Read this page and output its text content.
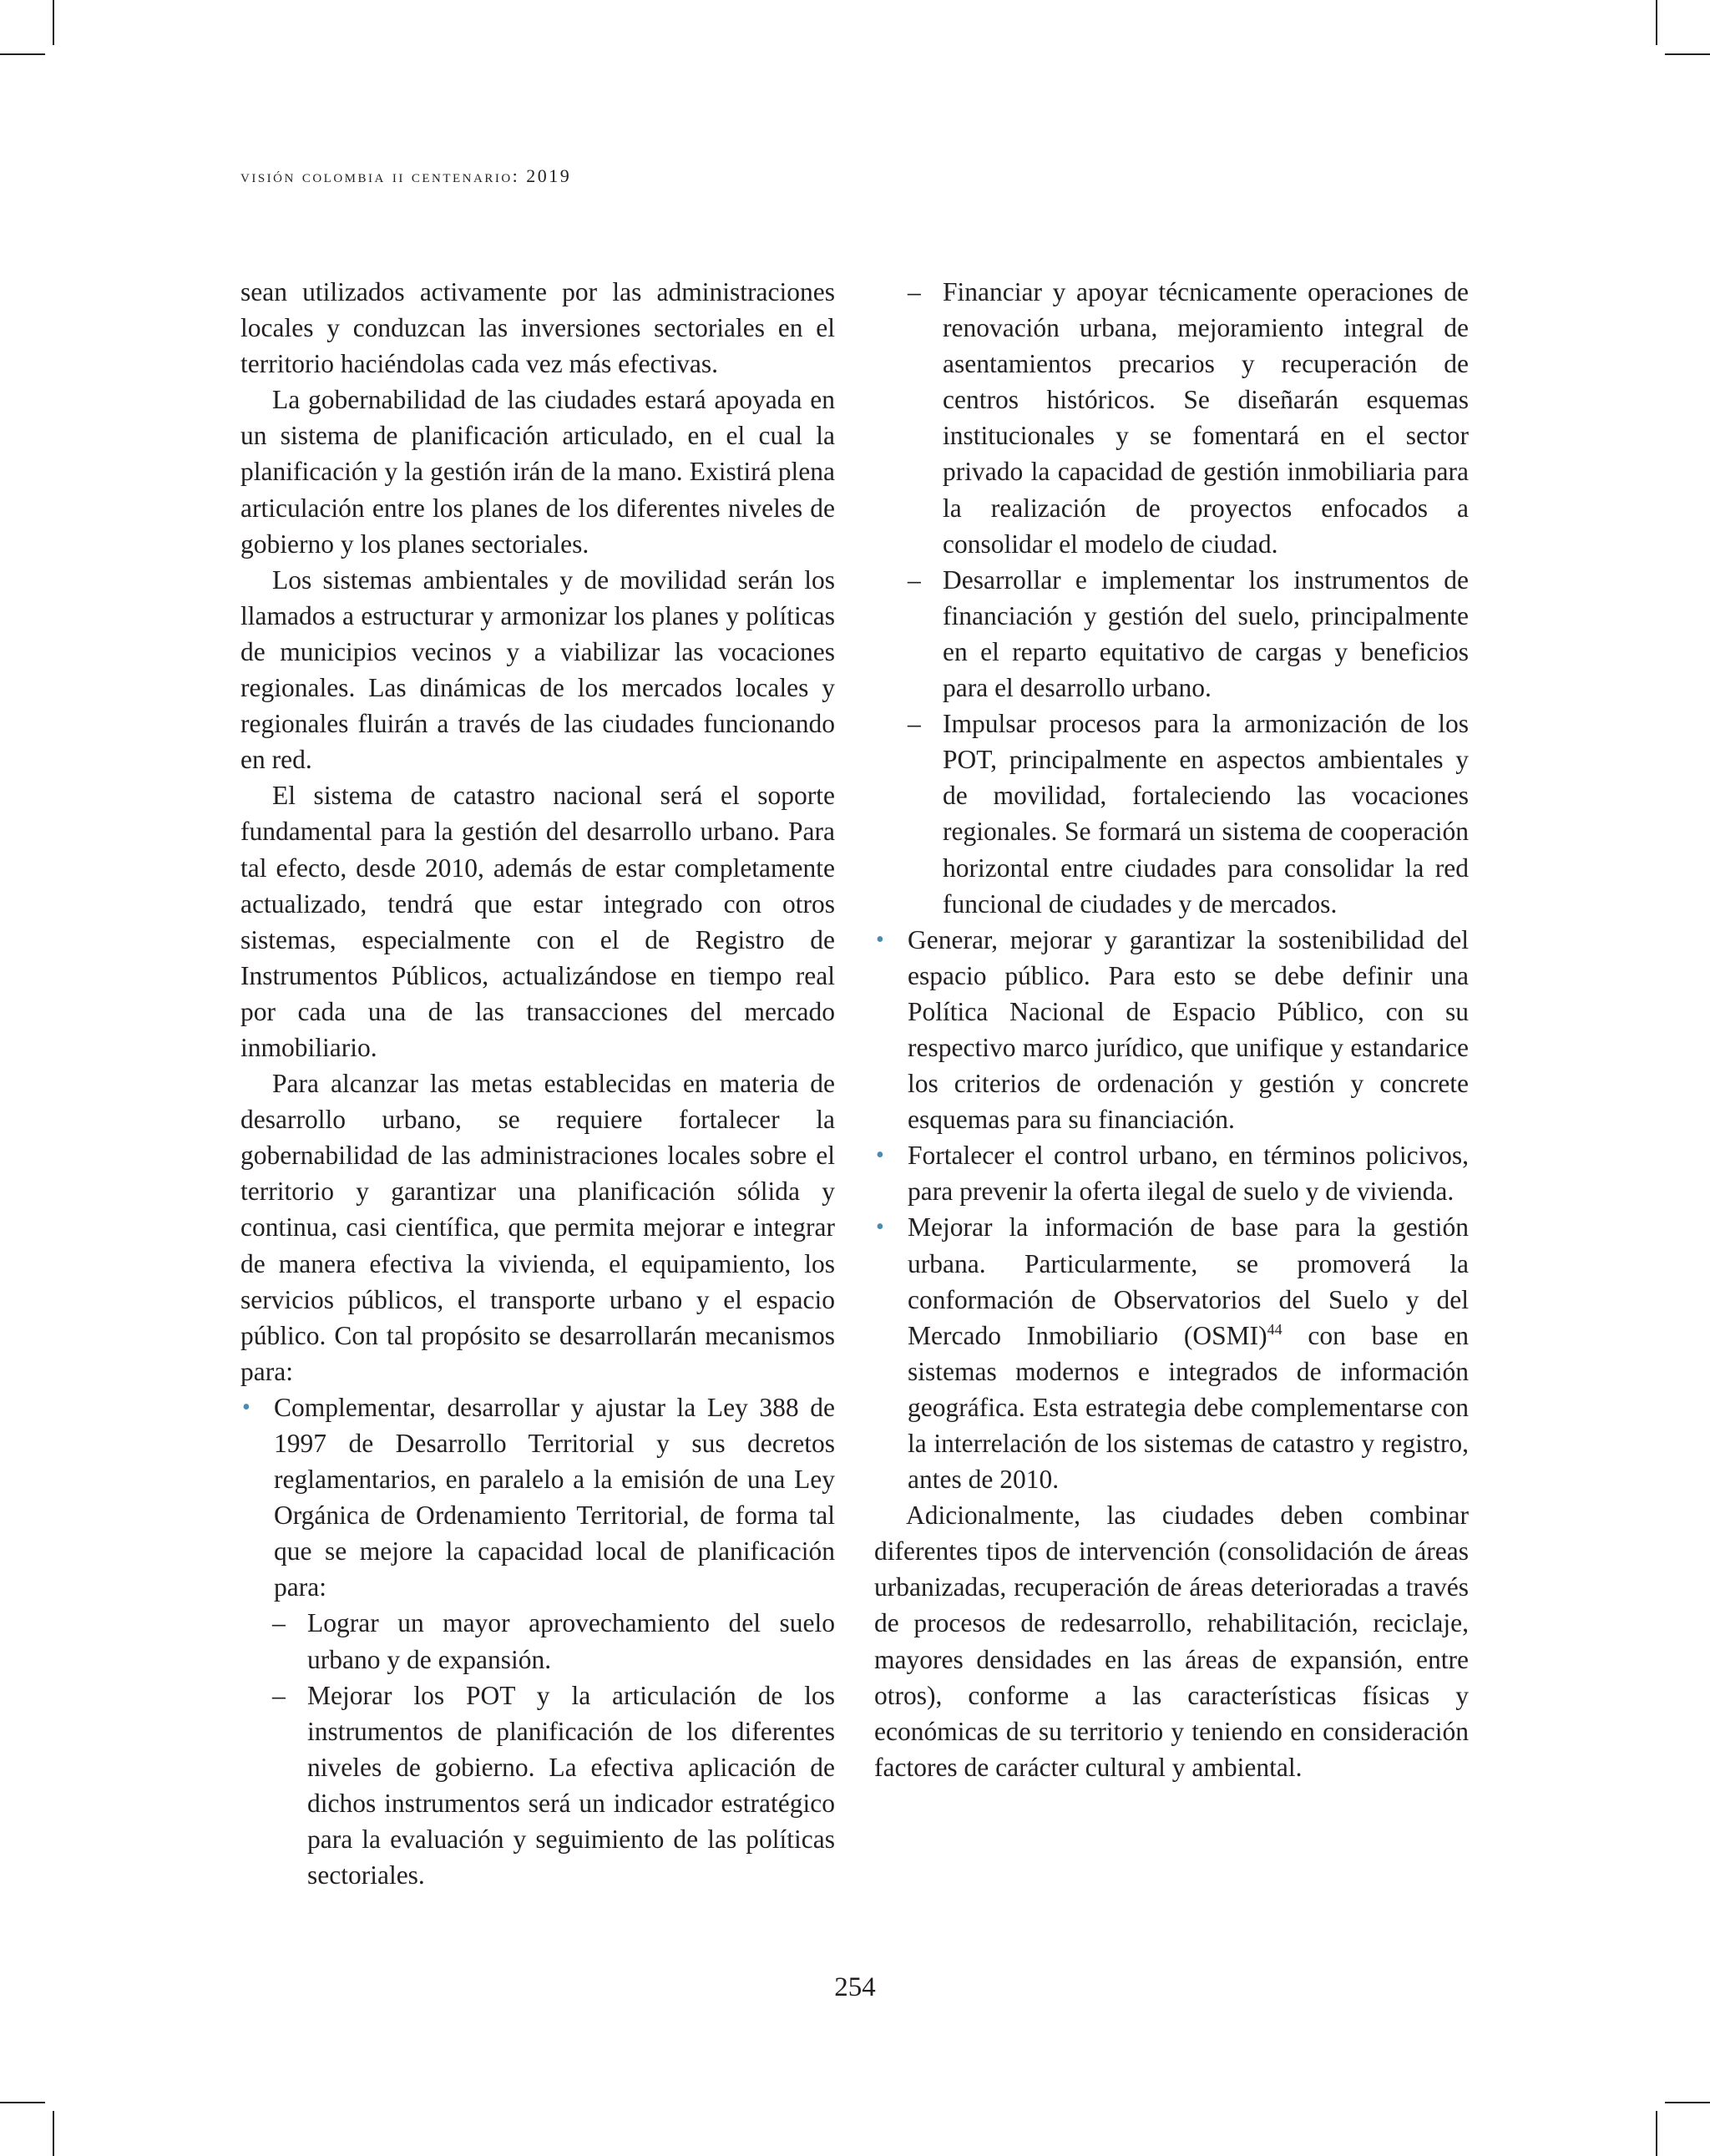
visión colombia ii centenario: 2019

sean utilizados activamente por las administraciones locales y conduzcan las inversiones sectoriales en el territorio haciéndolas cada vez más efectivas.

La gobernabilidad de las ciudades estará apoyada en un sistema de planificación articulado, en el cual la planificación y la gestión irán de la mano. Existirá plena articulación entre los planes de los diferentes niveles de gobierno y los planes sectoriales.

Los sistemas ambientales y de movilidad serán los llamados a estructurar y armonizar los planes y políticas de municipios vecinos y a viabilizar las vocaciones regionales. Las dinámicas de los mercados locales y regionales fluirán a través de las ciudades funcionando en red.

El sistema de catastro nacional será el soporte fundamental para la gestión del desarrollo urbano. Para tal efecto, desde 2010, además de estar completamente actualizado, tendrá que estar integrado con otros sistemas, especialmente con el de Registro de Instrumentos Públicos, actualizándose en tiempo real por cada una de las transacciones del mercado inmobiliario.

Para alcanzar las metas establecidas en materia de desarrollo urbano, se requiere fortalecer la gobernabilidad de las administraciones locales sobre el territorio y garantizar una planificación sólida y continua, casi científica, que permita mejorar e integrar de manera efectiva la vivienda, el equipamiento, los servicios públicos, el transporte urbano y el espacio público. Con tal propósito se desarrollarán mecanismos para:

• Complementar, desarrollar y ajustar la Ley 388 de 1997 de Desarrollo Territorial y sus decretos reglamentarios, en paralelo a la emisión de una Ley Orgánica de Ordenamiento Territorial, de forma tal que se mejore la capacidad local de planificación para:

– Lograr un mayor aprovechamiento del suelo urbano y de expansión.

– Mejorar los POT y la articulación de los instrumentos de planificación de los diferentes niveles de gobierno. La efectiva aplicación de dichos instrumentos será un indicador estratégico para la evaluación y seguimiento de las políticas sectoriales.

– Financiar y apoyar técnicamente operaciones de renovación urbana, mejoramiento integral de asentamientos precarios y recuperación de centros históricos. Se diseñarán esquemas institucionales y se fomentará en el sector privado la capacidad de gestión inmobiliaria para la realización de proyectos enfocados a consolidar el modelo de ciudad.

– Desarrollar e implementar los instrumentos de financiación y gestión del suelo, principalmente en el reparto equitativo de cargas y beneficios para el desarrollo urbano.

– Impulsar procesos para la armonización de los POT, principalmente en aspectos ambientales y de movilidad, fortaleciendo las vocaciones regionales. Se formará un sistema de cooperación horizontal entre ciudades para consolidar la red funcional de ciudades y de mercados.

• Generar, mejorar y garantizar la sostenibilidad del espacio público. Para esto se debe definir una Política Nacional de Espacio Público, con su respectivo marco jurídico, que unifique y estandarice los criterios de ordenación y gestión y concrete esquemas para su financiación.

• Fortalecer el control urbano, en términos policivos, para prevenir la oferta ilegal de suelo y de vivienda.

• Mejorar la información de base para la gestión urbana. Particularmente, se promoverá la conformación de Observatorios del Suelo y del Mercado Inmobiliario (OSMI)$^{44}$ con base en sistemas modernos e integrados de información geográfica. Esta estrategia debe complementarse con la interrelación de los sistemas de catastro y registro, antes de 2010.

Adicionalmente, las ciudades deben combinar diferentes tipos de intervención (consolidación de áreas urbanizadas, recuperación de áreas deterioradas a través de procesos de redesarrollo, rehabilitación, reciclaje, mayores densidades en las áreas de expansión, entre otros), conforme a las características físicas y económicas de su territorio y teniendo en consideración factores de carácter cultural y ambiental.

254
